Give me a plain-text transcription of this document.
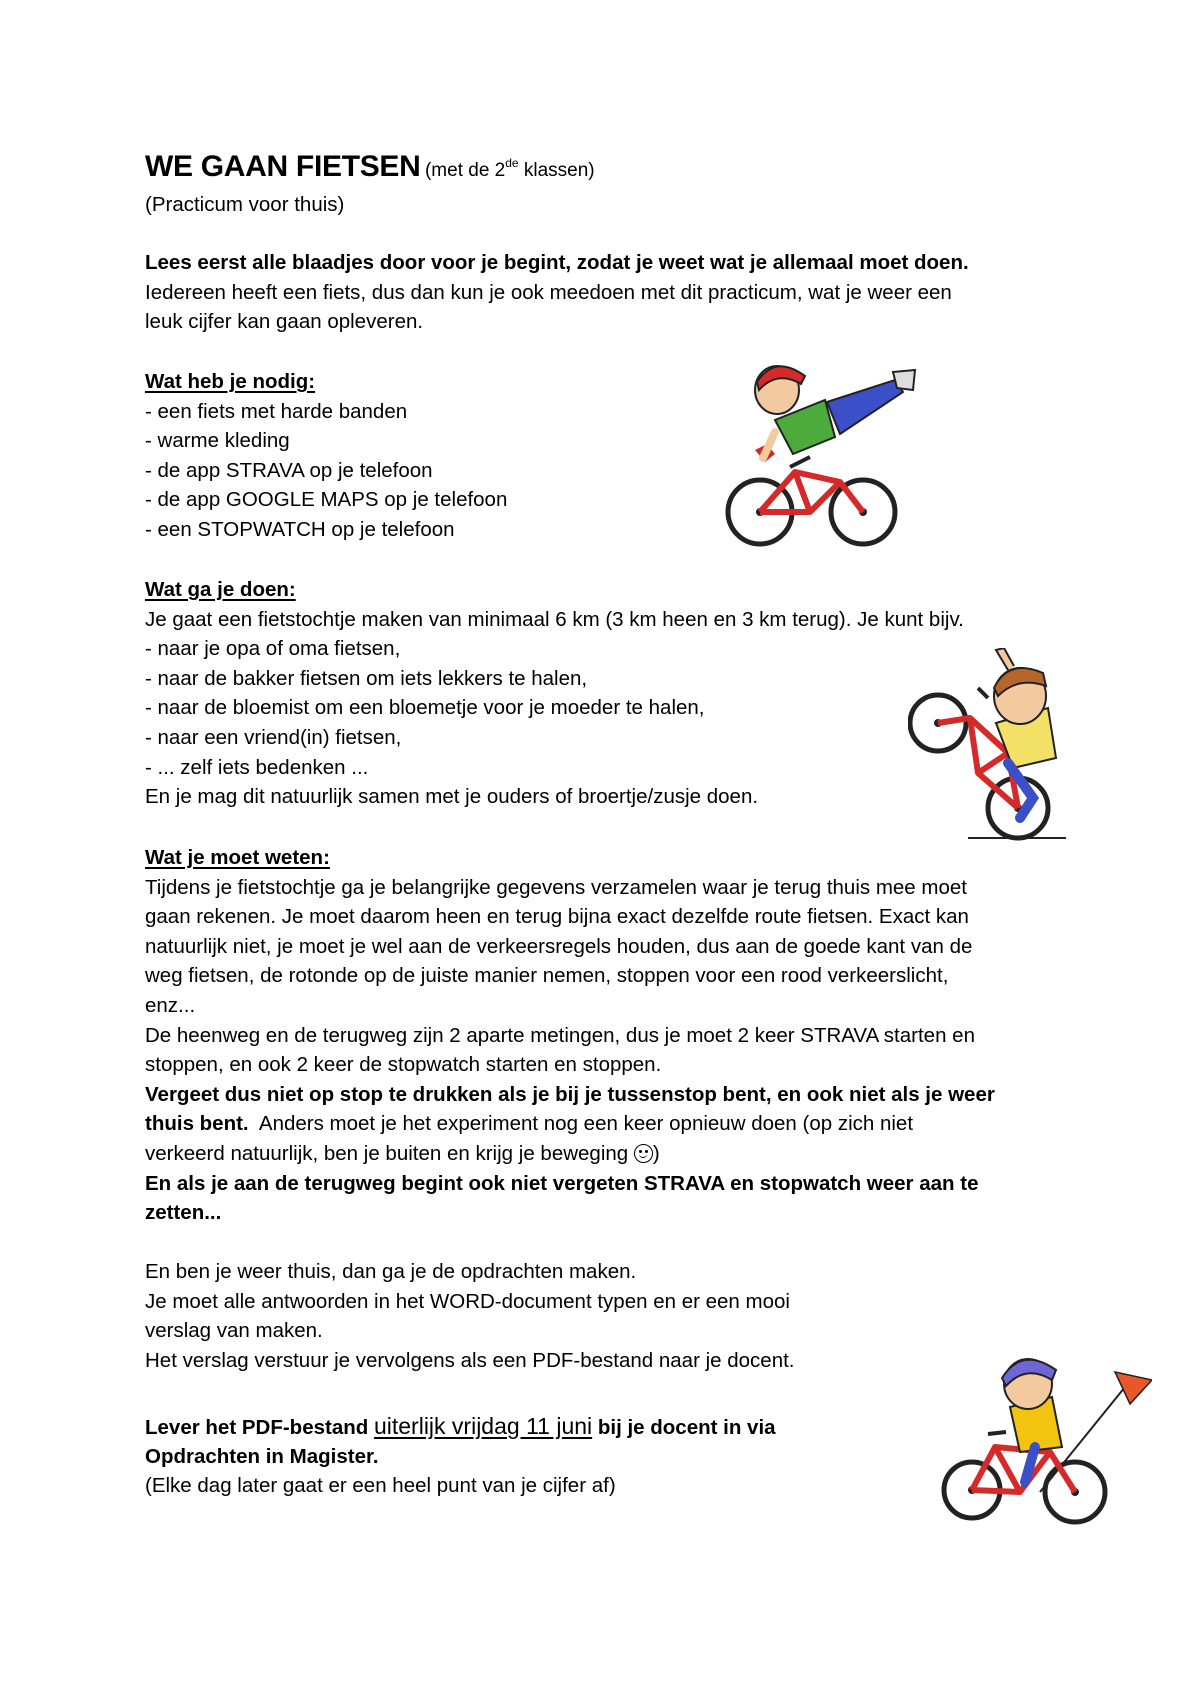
WE GAAN FIETSEN (met de 2de klassen)
(Practicum voor thuis)
Lees eerst alle blaadjes door voor je begint, zodat je weet wat je allemaal moet doen.
Iedereen heeft een fiets, dus dan kun je ook meedoen met dit practicum, wat je weer een
leuk cijfer kan gaan opleveren.
Wat heb je nodig:
- een fiets met harde banden
- warme kleding
- de app STRAVA op je telefoon
- de app GOOGLE MAPS op je telefoon
- een STOPWATCH op je telefoon
Wat ga je doen:
Je gaat een fietstochtje maken van minimaal 6 km (3 km heen en 3 km terug). Je kunt bijv.
- naar je opa of oma fietsen,
- naar de bakker fietsen om iets lekkers te halen,
- naar de bloemist om een bloemetje voor je moeder te halen,
- naar een vriend(in) fietsen,
- ... zelf iets bedenken ...
En je mag dit natuurlijk samen met je ouders of broertje/zusje doen.
Wat je moet weten:
Tijdens je fietstochtje ga je belangrijke gegevens verzamelen waar je terug thuis mee moet
gaan rekenen. Je moet daarom heen en terug bijna exact dezelfde route fietsen. Exact kan
natuurlijk niet, je moet je wel aan de verkeersregels houden, dus aan de goede kant van de
weg fietsen, de rotonde op de juiste manier nemen, stoppen voor een rood verkeerslicht,
enz...
De heenweg en de terugweg zijn 2 aparte metingen, dus je moet 2 keer STRAVA starten en
stoppen, en ook 2 keer de stopwatch starten en stoppen.
Vergeet dus niet op stop te drukken als je bij je tussenstop bent, en ook niet als je weer
thuis bent.  Anders moet je het experiment nog een keer opnieuw doen (op zich niet
verkeerd natuurlijk, ben je buiten en krijg je beweging )
En als je aan de terugweg begint ook niet vergeten STRAVA en stopwatch weer aan te
zetten...
En ben je weer thuis, dan ga je de opdrachten maken.
Je moet alle antwoorden in het WORD-document typen en er een mooi
verslag van maken.
Het verslag verstuur je vervolgens als een PDF-bestand naar je docent.
Lever het PDF-bestand uiterlijk vrijdag 11 juni bij je docent in via
Opdrachten in Magister.
(Elke dag later gaat er een heel punt van je cijfer af)
